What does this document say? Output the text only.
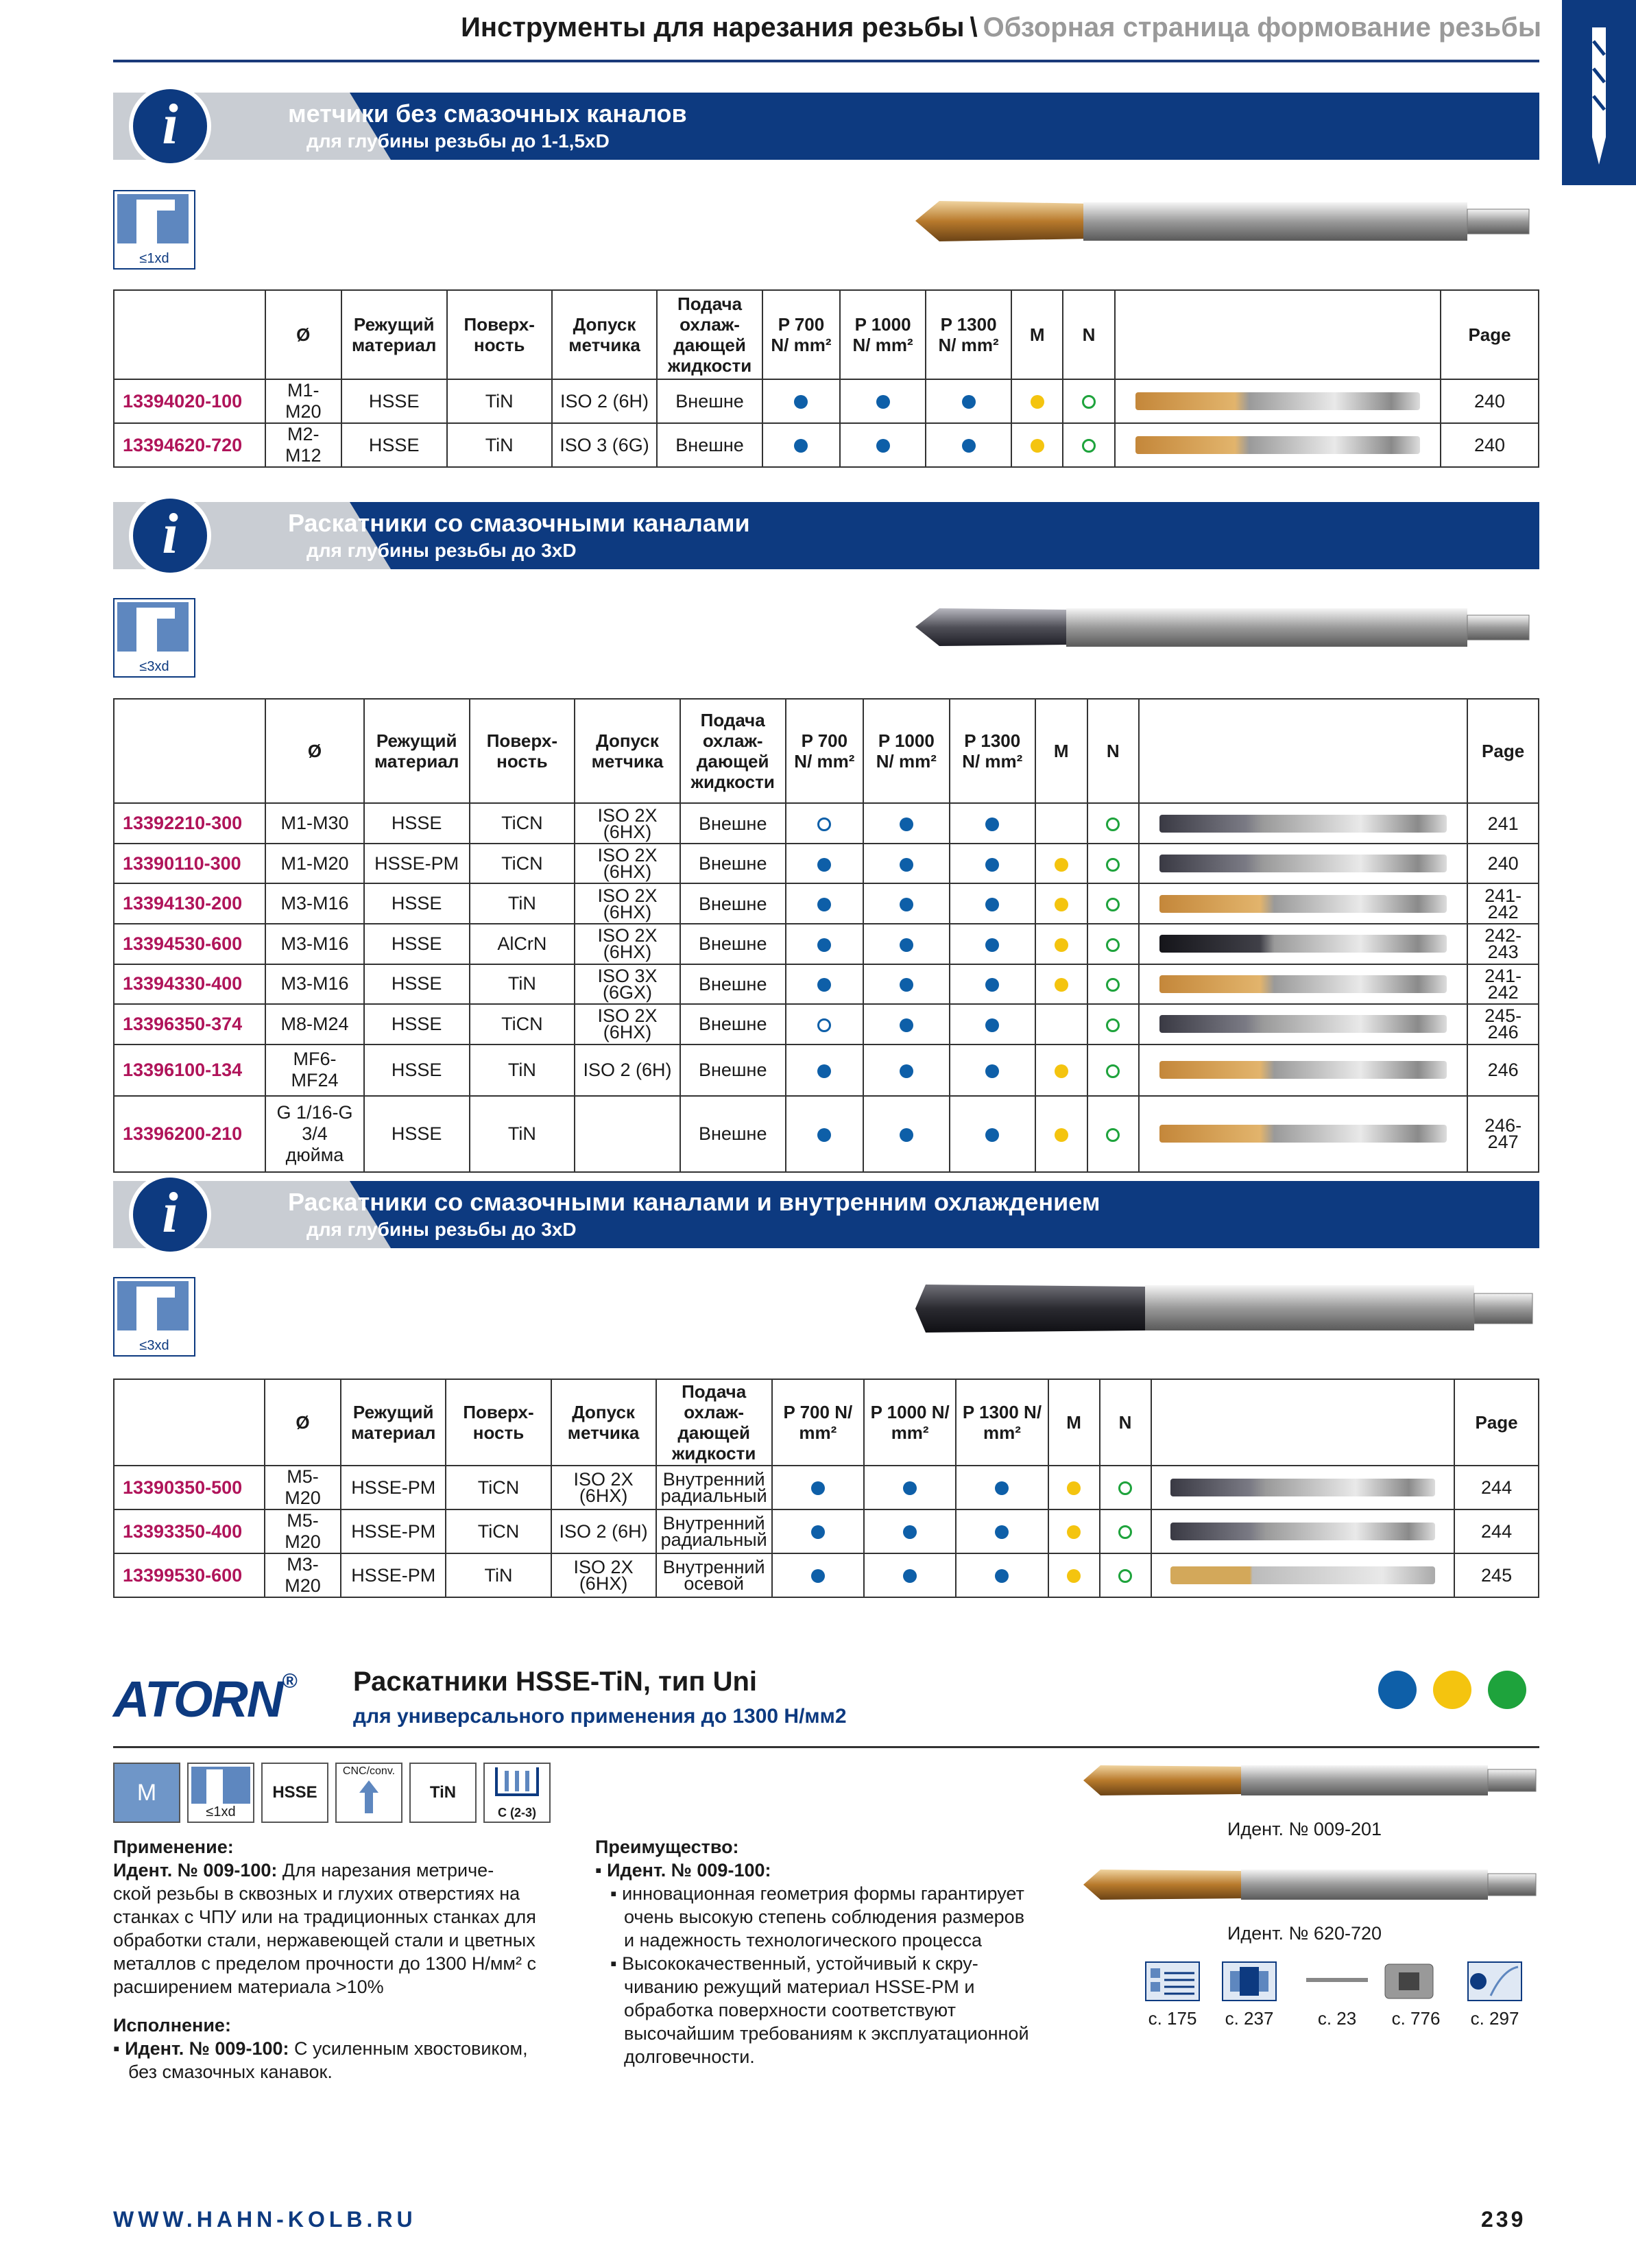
Инструменты для нарезания резьбы \ Обзорная страница формование резьбы
i	метчики без смазочных каналов
для глубины резьбы до 1-1,5xD
≤1xd
	Ø	Режущий материал	Поверх-ность	Допуск метчика	Подача охлаж-дающей жидкости	P 700 N/ mm²	P 1000 N/ mm²	P 1300 N/ mm²	M	N		Page
13394020-100	M1-M20	HSSE	TiN	ISO 2 (6H)	Внешне							240
13394620-720	M2-M12	HSSE	TiN	ISO 3 (6G)	Внешне							240
i	Раскатники со смазочными каналами
для глубины резьбы до 3xD
≤3xd
	Ø	Режущий материал	Поверх-ность	Допуск метчика	Подача охлаж-дающей жидкости	P 700 N/ mm²	P 1000 N/ mm²	P 1300 N/ mm²	M	N		Page
13392210-300	M1-M30	HSSE	TiCN	ISO 2X (6HX)	Внешне							241
13390110-300	M1-M20	HSSE-PM	TiCN	ISO 2X (6HX)	Внешне							240
13394130-200	M3-M16	HSSE	TiN	ISO 2X (6HX)	Внешне							241-242
13394530-600	M3-M16	HSSE	AlCrN	ISO 2X (6HX)	Внешне							242-243
13394330-400	M3-M16	HSSE	TiN	ISO 3X (6GX)	Внешне							241-242
13396350-374	M8-M24	HSSE	TiCN	ISO 2X (6HX)	Внешне							245-246
13396100-134	MF6-MF24	HSSE	TiN	ISO 2 (6H)	Внешне							246
13396200-210	G 1/16-G 3/4 дюйма	HSSE	TiN		Внешне							246-247
i	Раскатники со смазочными каналами и внутренним охлаждением
для глубины резьбы до 3xD
≤3xd
	Ø	Режущий материал	Поверх-ность	Допуск метчика	Подача охлаж-дающей жидкости	P 700 N/ mm²	P 1000 N/ mm²	P 1300 N/ mm²	M	N		Page
13390350-500	M5-M20	HSSE-PM	TiCN	ISO 2X (6HX)	Внутренний радиальный							244
13393350-400	M5-M20	HSSE-PM	TiCN	ISO 2 (6H)	Внутренний радиальный							244
13399530-600	M3-M20	HSSE-PM	TiN	ISO 2X (6HX)	Внутренний осевой							245
ATORN® Раскатники HSSE-TiN, тип Uni
для универсального применения до 1300 Н/мм2
M
≤1xd
HSSE
CNC/conv.
TiN
C (2-3)
Идент. № 009-201
Идент. № 620-720
с. 175	с. 237	с. 23	с. 776	с. 297
Применение:
Идент. № 009-100: Для нарезания метриче-
ской резьбы в сквозных и глухих отверстиях на
станках с ЧПУ или на традиционных станках для
обработки стали, нержавеющей стали и цветных
металлов с пределом прочности до 1300 Н/мм² с
расширением материала >10%
Исполнение:
▪ Идент. № 009-100: С усиленным хвостовиком,
без смазочных канавок.
Преимущество:
▪ Идент. № 009-100:
▪ инновационная геометрия формы гарантирует
очень высокую степень соблюдения размеров
и надежность технологического процесса
▪ Высококачественный, устойчивый к скру-
чиванию режущий материал HSSE-PM и
обработка поверхности соответствуют
высочайшим требованиям к эксплуатационной
долговечности.
WWW.HAHN-KOLB.RU	239
